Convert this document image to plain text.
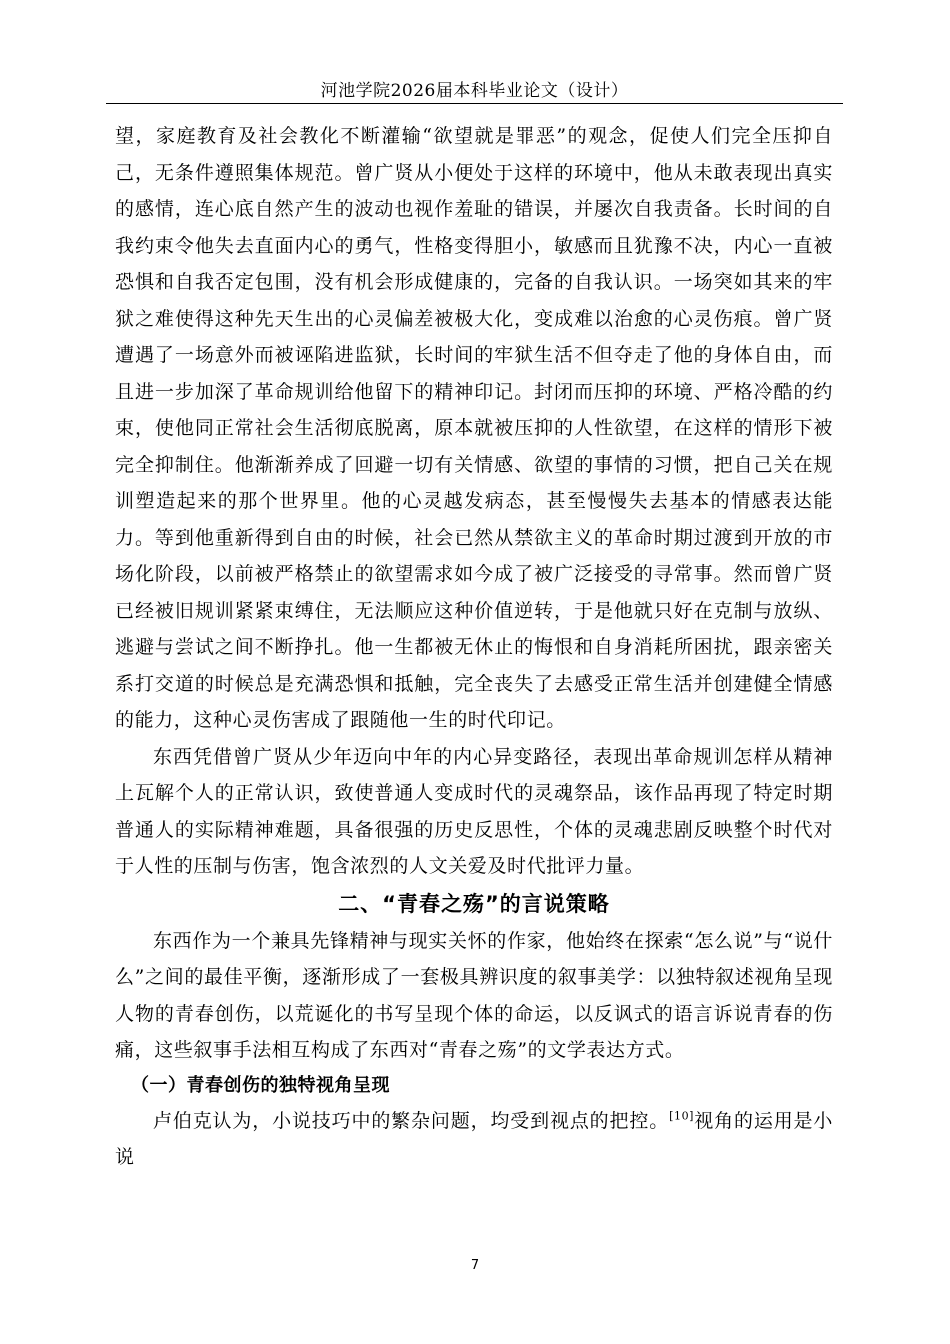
河池学院2026届本科毕业论文（设计）

望，家庭教育及社会教化不断灌输“欲望就是罪恶”的观念，促使人们完全压抑自己，无条件遵照集体规范。曾广贤从小便处于这样的环境中，他从未敢表现出真实的感情，连心底自然产生的波动也视作羞耻的错误，并屡次自我责备。长时间的自我约束令他失去直面内心的勇气，性格变得胆小，敏感而且犹豫不决，内心一直被恐惧和自我否定包围，没有机会形成健康的，完备的自我认识。一场突如其来的牢狱之难使得这种先天生出的心灵偏差被极大化，变成难以治愈的心灵伤痕。曾广贤遭遇了一场意外而被诬陷进监狱，长时间的牢狱生活不但夺走了他的身体自由，而且进一步加深了革命规训给他留下的精神印记。封闭而压抑的环境、严格冷酷的约束，使他同正常社会生活彻底脱离，原本就被压抑的人性欲望，在这样的情形下被完全抑制住。他渐渐养成了回避一切有关情感、欲望的事情的习惯，把自己关在规训塑造起来的那个世界里。他的心灵越发病态，甚至慢慢失去基本的情感表达能力。等到他重新得到自由的时候，社会已然从禁欲主义的革命时期过渡到开放的市场化阶段，以前被严格禁止的欲望需求如今成了被广泛接受的寻常事。然而曾广贤已经被旧规训紧紧束缚住，无法顺应这种价值逆转，于是他就只好在克制与放纵、逃避与尝试之间不断挣扎。他一生都被无休止的悔恨和自身消耗所困扰，跟亲密关系打交道的时候总是充满恐惧和抵触，完全丧失了去感受正常生活并创建健全情感的能力，这种心灵伤害成了跟随他一生的时代印记。

东西凭借曾广贤从少年迈向中年的内心异变路径，表现出革命规训怎样从精神上瓦解个人的正常认识，致使普通人变成时代的灵魂祭品，该作品再现了特定时期普通人的实际精神难题，具备很强的历史反思性，个体的灵魂悲剧反映整个时代对于人性的压制与伤害，饱含浓烈的人文关爱及时代批评力量。

二、“青春之殇”的言说策略

东西作为一个兼具先锋精神与现实关怀的作家，他始终在探索“怎么说”与“说什么”之间的最佳平衡，逐渐形成了一套极具辨识度的叙事美学：以独特叙述视角呈现人物的青春创伤，以荒诞化的书写呈现个体的命运，以反讽式的语言诉说青春的伤痛，这些叙事手法相互构成了东西对“青春之殇”的文学表达方式。

（一）青春创伤的独特视角呈现

卢伯克认为，小说技巧中的繁杂问题，均受到视点的把控。[10]视角的运用是小说

7
